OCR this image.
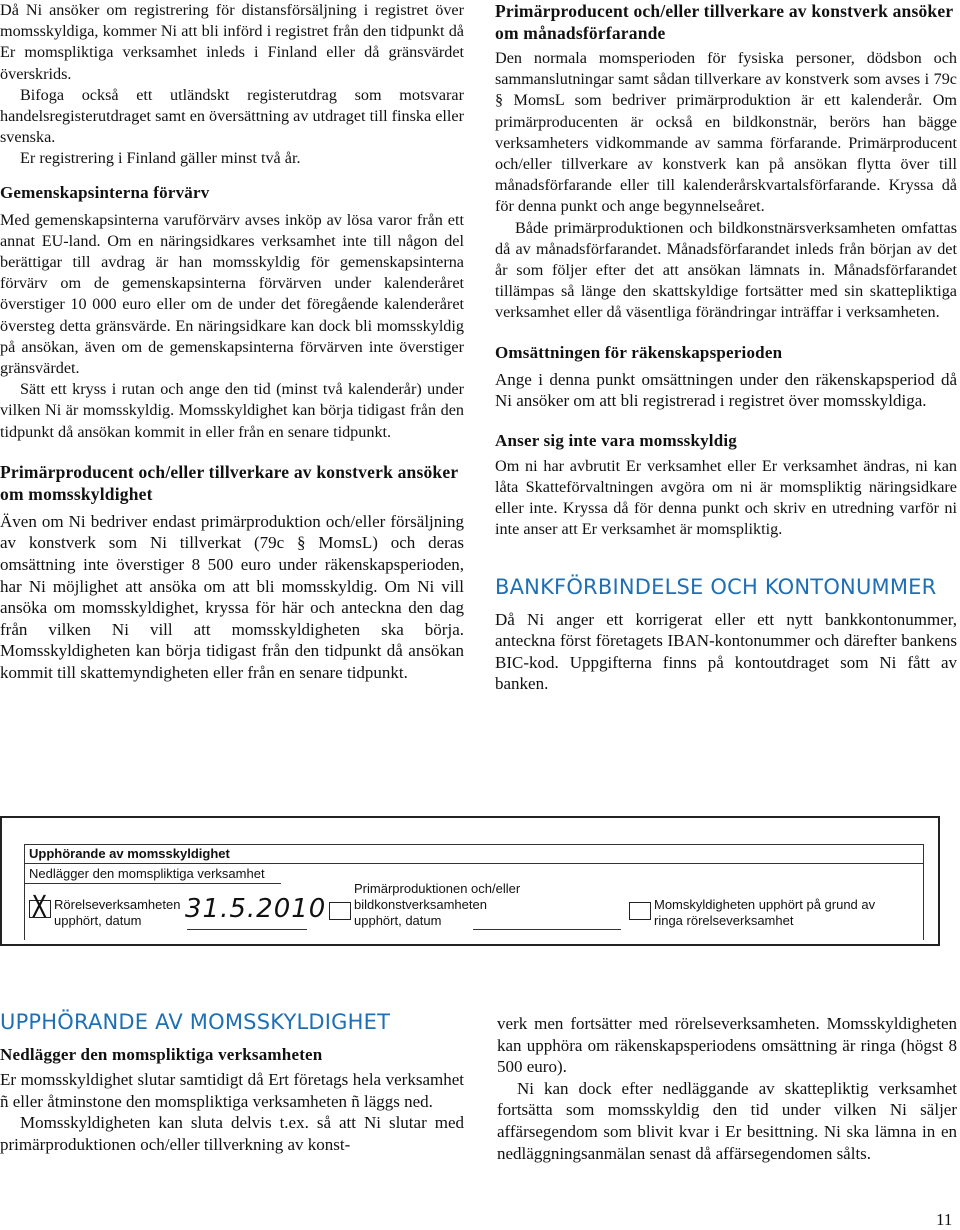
Då Ni ansöker om registrering för distansförsäljning i registret över momsskyldiga, kommer Ni att bli införd i registret från den tidpunkt då Er momspliktiga verksamhet inleds i Finland eller då gränsvärdet överskrids.

Bifoga också ett utländskt registerutdrag som motsvarar handelsregisterutdraget samt en översättning av utdraget till finska eller svenska.

Er registrering i Finland gäller minst två år.

Gemenskapsinterna förvärv

Med gemenskapsinterna varuförvärv avses inköp av lösa varor från ett annat EU-land. Om en näringsidkares verksamhet inte till någon del berättigar till avdrag är han momsskyldig för gemenskapsinterna förvärv om de gemenskapsinterna förvärven under kalenderåret överstiger 10 000 euro eller om de under det föregående kalenderåret översteg detta gränsvärde. En näringsidkare kan dock bli momsskyldig på ansökan, även om de gemenskapsinterna förvärven inte överstiger gränsvärdet.

Sätt ett kryss i rutan och ange den tid (minst två kalenderår) under vilken Ni är momsskyldig. Momsskyldighet kan börja tidigast från den tidpunkt då ansökan kommit in eller från en senare tidpunkt.

Primärproducent och/eller tillverkare av konstverk ansöker om momsskyldighet

Även om Ni bedriver endast primärproduktion och/eller försäljning av konstverk som Ni tillverkat (79c § MomsL) och deras omsättning inte överstiger 8 500 euro under räkenskapsperioden, har Ni möjlighet att ansöka om att bli momsskyldig. Om Ni vill ansöka om momsskyldighet, kryssa för här och anteckna den dag från vilken Ni vill att momsskyldigheten ska börja. Momsskyldigheten kan börja tidigast från den tidpunkt då ansökan kommit till skattemyndigheten eller från en senare tidpunkt.

Primärproducent och/eller tillverkare av konstverk ansöker om månadsförfarande

Den normala momsperioden för fysiska personer, dödsbon och sammanslutningar samt sådan tillverkare av konstverk som avses i 79c § MomsL som bedriver primärproduktion är ett kalenderår. Om primärproducenten är också en bildkonstnär, berörs han bägge verksamheters vidkommande av samma förfarande. Primärproducent och/eller tillverkare av konstverk kan på ansökan flytta över till månadsförfarande eller till kalenderårskvartalsförfarande. Kryssa då för denna punkt och ange begynnelseåret.

Både primärproduktionen och bildkonstnärsverksamheten omfattas då av månadsförfarandet. Månadsförfarandet inleds från början av det år som följer efter det att ansökan lämnats in. Månadsförfarandet tillämpas så länge den skattskyldige fortsätter med sin skattepliktiga verksamhet eller då väsentliga förändringar inträffar i verksamheten.

Omsättningen för räkenskapsperioden

Ange i denna punkt omsättningen under den räkenskapsperiod då Ni ansöker om att bli registrerad i registret över momsskyldiga.

Anser sig inte vara momsskyldig

Om ni har avbrutit Er verksamhet eller Er verksamhet ändras, ni kan låta Skatteförvaltningen avgöra om ni är momspliktig näringsidkare eller inte. Kryssa då för denna punkt och skriv en utredning varför ni inte anser att Er verksamhet är momspliktig.

BANKFÖRBINDELSE OCH KONTONUMMER

Då Ni anger ett korrigerat eller ett nytt bankkontonummer, anteckna först företagets IBAN-kontonummer och därefter bankens BIC-kod. Uppgifterna finns på kontoutdraget som Ni fått av banken.

Upphörande av momsskyldighet
Nedlägger den momspliktiga verksamhet
X Rörelseverksamheten
upphört, datum 31.5.2010
Primärproduktionen och/eller
bildkonstverksamheten
upphört, datum
Momskyldigheten upphört på grund av
ringa rörelseverksamhet
UPPHÖRANDE AV MOMSSKYLDIGHET
Nedlägger den momspliktiga verksamheten

Er momsskyldighet slutar samtidigt då Ert företags hela verksamhet ñ eller åtminstone den momspliktiga verksamheten ñ läggs ned.

Momsskyldigheten kan sluta delvis t.ex. så att Ni slutar med primärproduktionen och/eller tillverkning av konst-

verk men fortsätter med rörelseverksamheten. Momsskyldigheten kan upphöra om räkenskapsperiodens omsättning är ringa (högst 8 500 euro).

Ni kan dock efter nedläggande av skattepliktig verksamhet fortsätta som momsskyldig den tid under vilken Ni säljer affärsegendom som blivit kvar i Er besittning. Ni ska lämna in en nedläggningsanmälan senast då affärsegendomen sålts.

11
